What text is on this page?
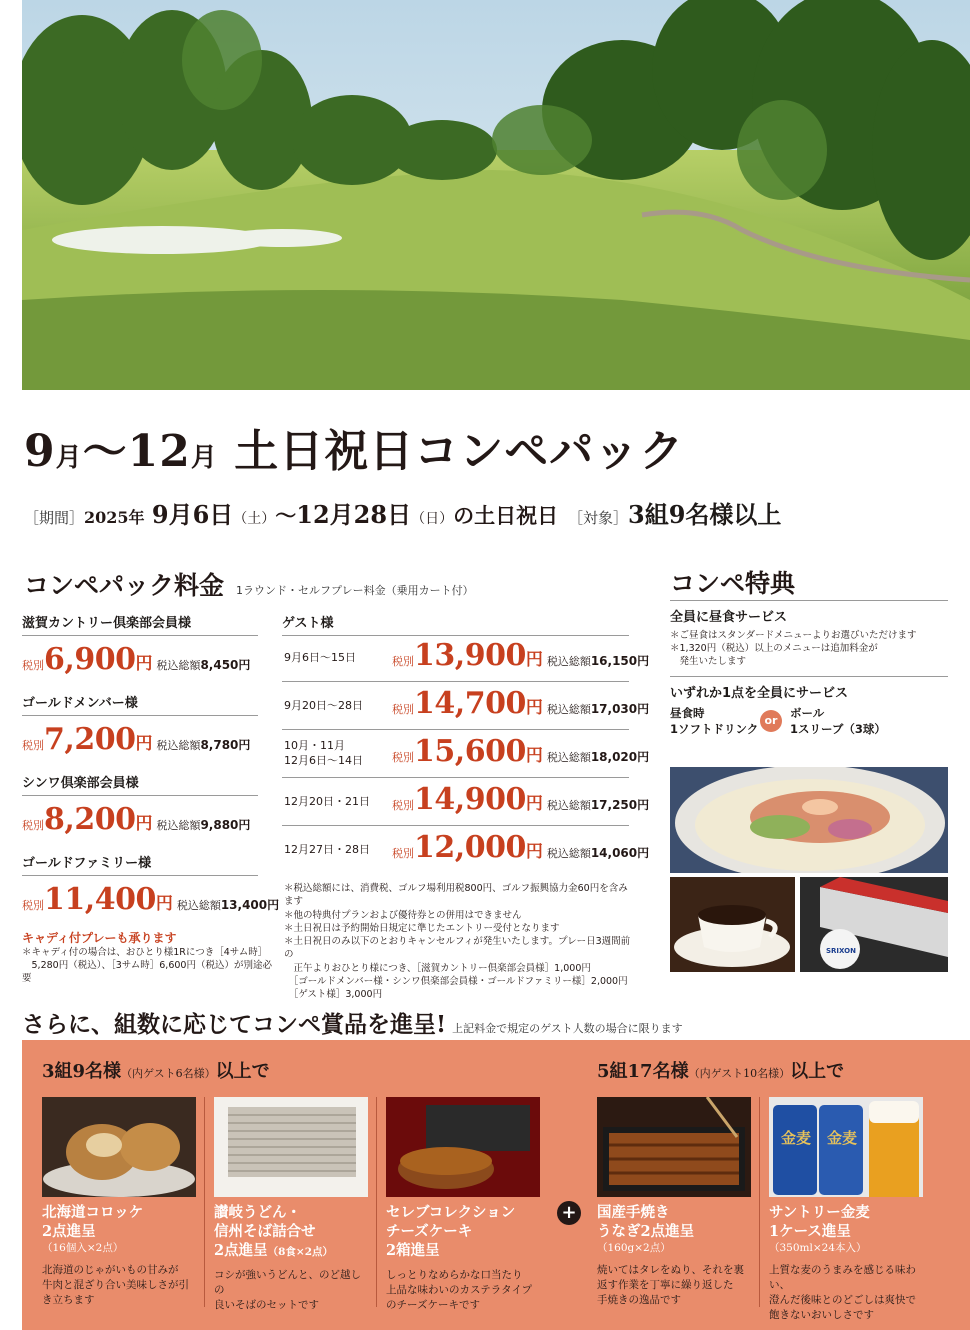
9月〜12月 土日祝日コンペパック
［期間］2025年 9月6日（土）〜12月28日（日）の土日祝日 ［対象］3組9名様以上
コンペパック料金 1ラウンド・セルフプレー料金（乗用カート付）
滋賀カントリー倶楽部会員様
税別6,900円 税込総額8,450円
ゴールドメンバー様
税別7,200円 税込総額8,780円
シンワ倶楽部会員様
税別8,200円 税込総額9,880円
ゴールドファミリー様
税別11,400円 税込総額13,400円
キャディ付プレーも承ります
＊キャディ付の場合は、おひとり様1Rにつき［4サム時］
　5,280円（税込）、［3サム時］6,600円（税込）が別途必要
ゲスト様
9月6日〜15日	税別13,900円 税込総額16,150円
9月20日〜28日	税別14,700円 税込総額17,030円
10月・11月
12月6日〜14日	税別15,600円 税込総額18,020円
12月20日・21日 税別14,900円 税込総額17,250円
12月27日・28日 税別12,000円 税込総額14,060円
＊税込総額には、消費税、ゴルフ場利用税800円、ゴルフ振興協力金60円を含みます
＊他の特典付プランおよび優待券との併用はできません
＊土日祝日は予約開始日規定に準じたエントリー受付となります
＊土日祝日のみ以下のとおりキャンセルフィが発生いたします。プレー日3週間前の
　正午よりおひとり様につき、［滋賀カントリー倶楽部会員様］1,000円
　［ゴールドメンバー様・シンワ倶楽部会員様・ゴールドファミリー様］2,000円
　［ゲスト様］3,000円
コンペ特典
全員に昼食サービス
＊ご昼食はスタンダードメニューよりお選びいただけます
＊1,320円（税込）以上のメニューは追加料金が
　発生いたします
いずれか1点を全員にサービス
昼食時
1ソフトドリンク
or
ボール
1スリーブ（3球）
SRIXON
さらに、組数に応じてコンペ賞品を進呈! 上記料金で規定のゲスト人数の場合に限ります
3組9名様（内ゲスト6名様）以上で	5組17名様（内ゲスト10名様）以上で
北海道コロッケ
2点進呈
（16個入×2点）
北海道のじゃがいもの甘みが
牛肉と混ざり合い美味しさが引
き立ちます
讃岐うどん・
信州そば詰合せ
2点進呈（8食×2点）
コシが強いうどんと、のど越しの
良いそばのセットです
セレブコレクション
チーズケーキ
2箱進呈
しっとりなめらかな口当たり
上品な味わいのカステラタイプ
のチーズケーキです
+	国産手焼き
うなぎ2点進呈
（160g×2点）
焼いてはタレをぬり、それを裏
返す作業を丁寧に繰り返した
手焼きの逸品です
金麦 金麦
サントリー金麦
1ケース進呈
（350ml×24本入）
上質な麦のうまみを感じる味わい、
澄んだ後味とのどごしは爽快で
飽きないおいしさです
